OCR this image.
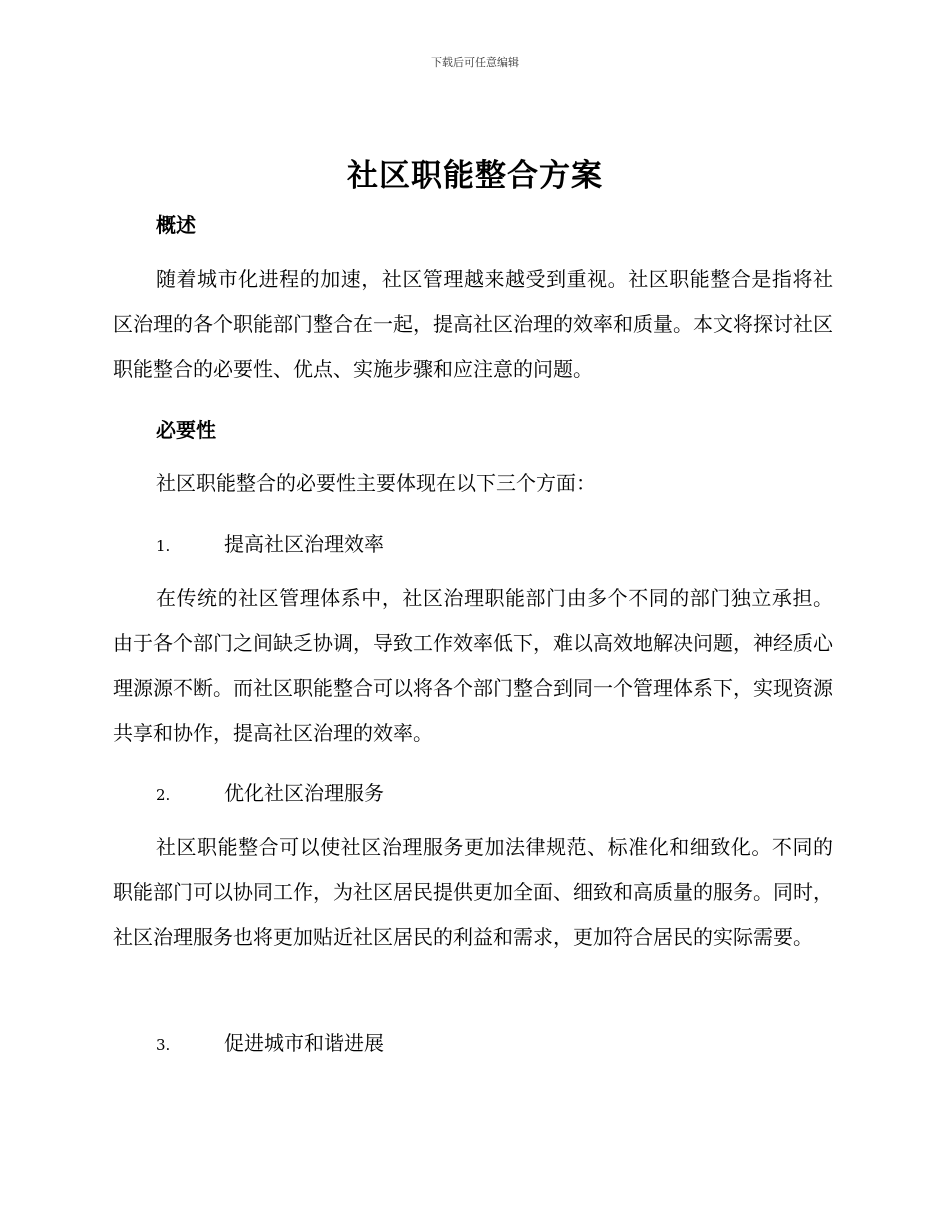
下载后可任意编辑
社区职能整合方案
概述
随着城市化进程的加速，社区管理越来越受到重视。社区职能整合是指将社区治理的各个职能部门整合在一起，提高社区治理的效率和质量。本文将探讨社区职能整合的必要性、优点、实施步骤和应注意的问题。
必要性
社区职能整合的必要性主要体现在以下三个方面：
1.	提高社区治理效率
在传统的社区管理体系中，社区治理职能部门由多个不同的部门独立承担。由于各个部门之间缺乏协调，导致工作效率低下，难以高效地解决问题，神经质心理源源不断。而社区职能整合可以将各个部门整合到同一个管理体系下，实现资源共享和协作，提高社区治理的效率。
2.	优化社区治理服务
社区职能整合可以使社区治理服务更加法律规范、标准化和细致化。不同的职能部门可以协同工作，为社区居民提供更加全面、细致和高质量的服务。同时，社区治理服务也将更加贴近社区居民的利益和需求，更加符合居民的实际需要。
3.	促进城市和谐进展
